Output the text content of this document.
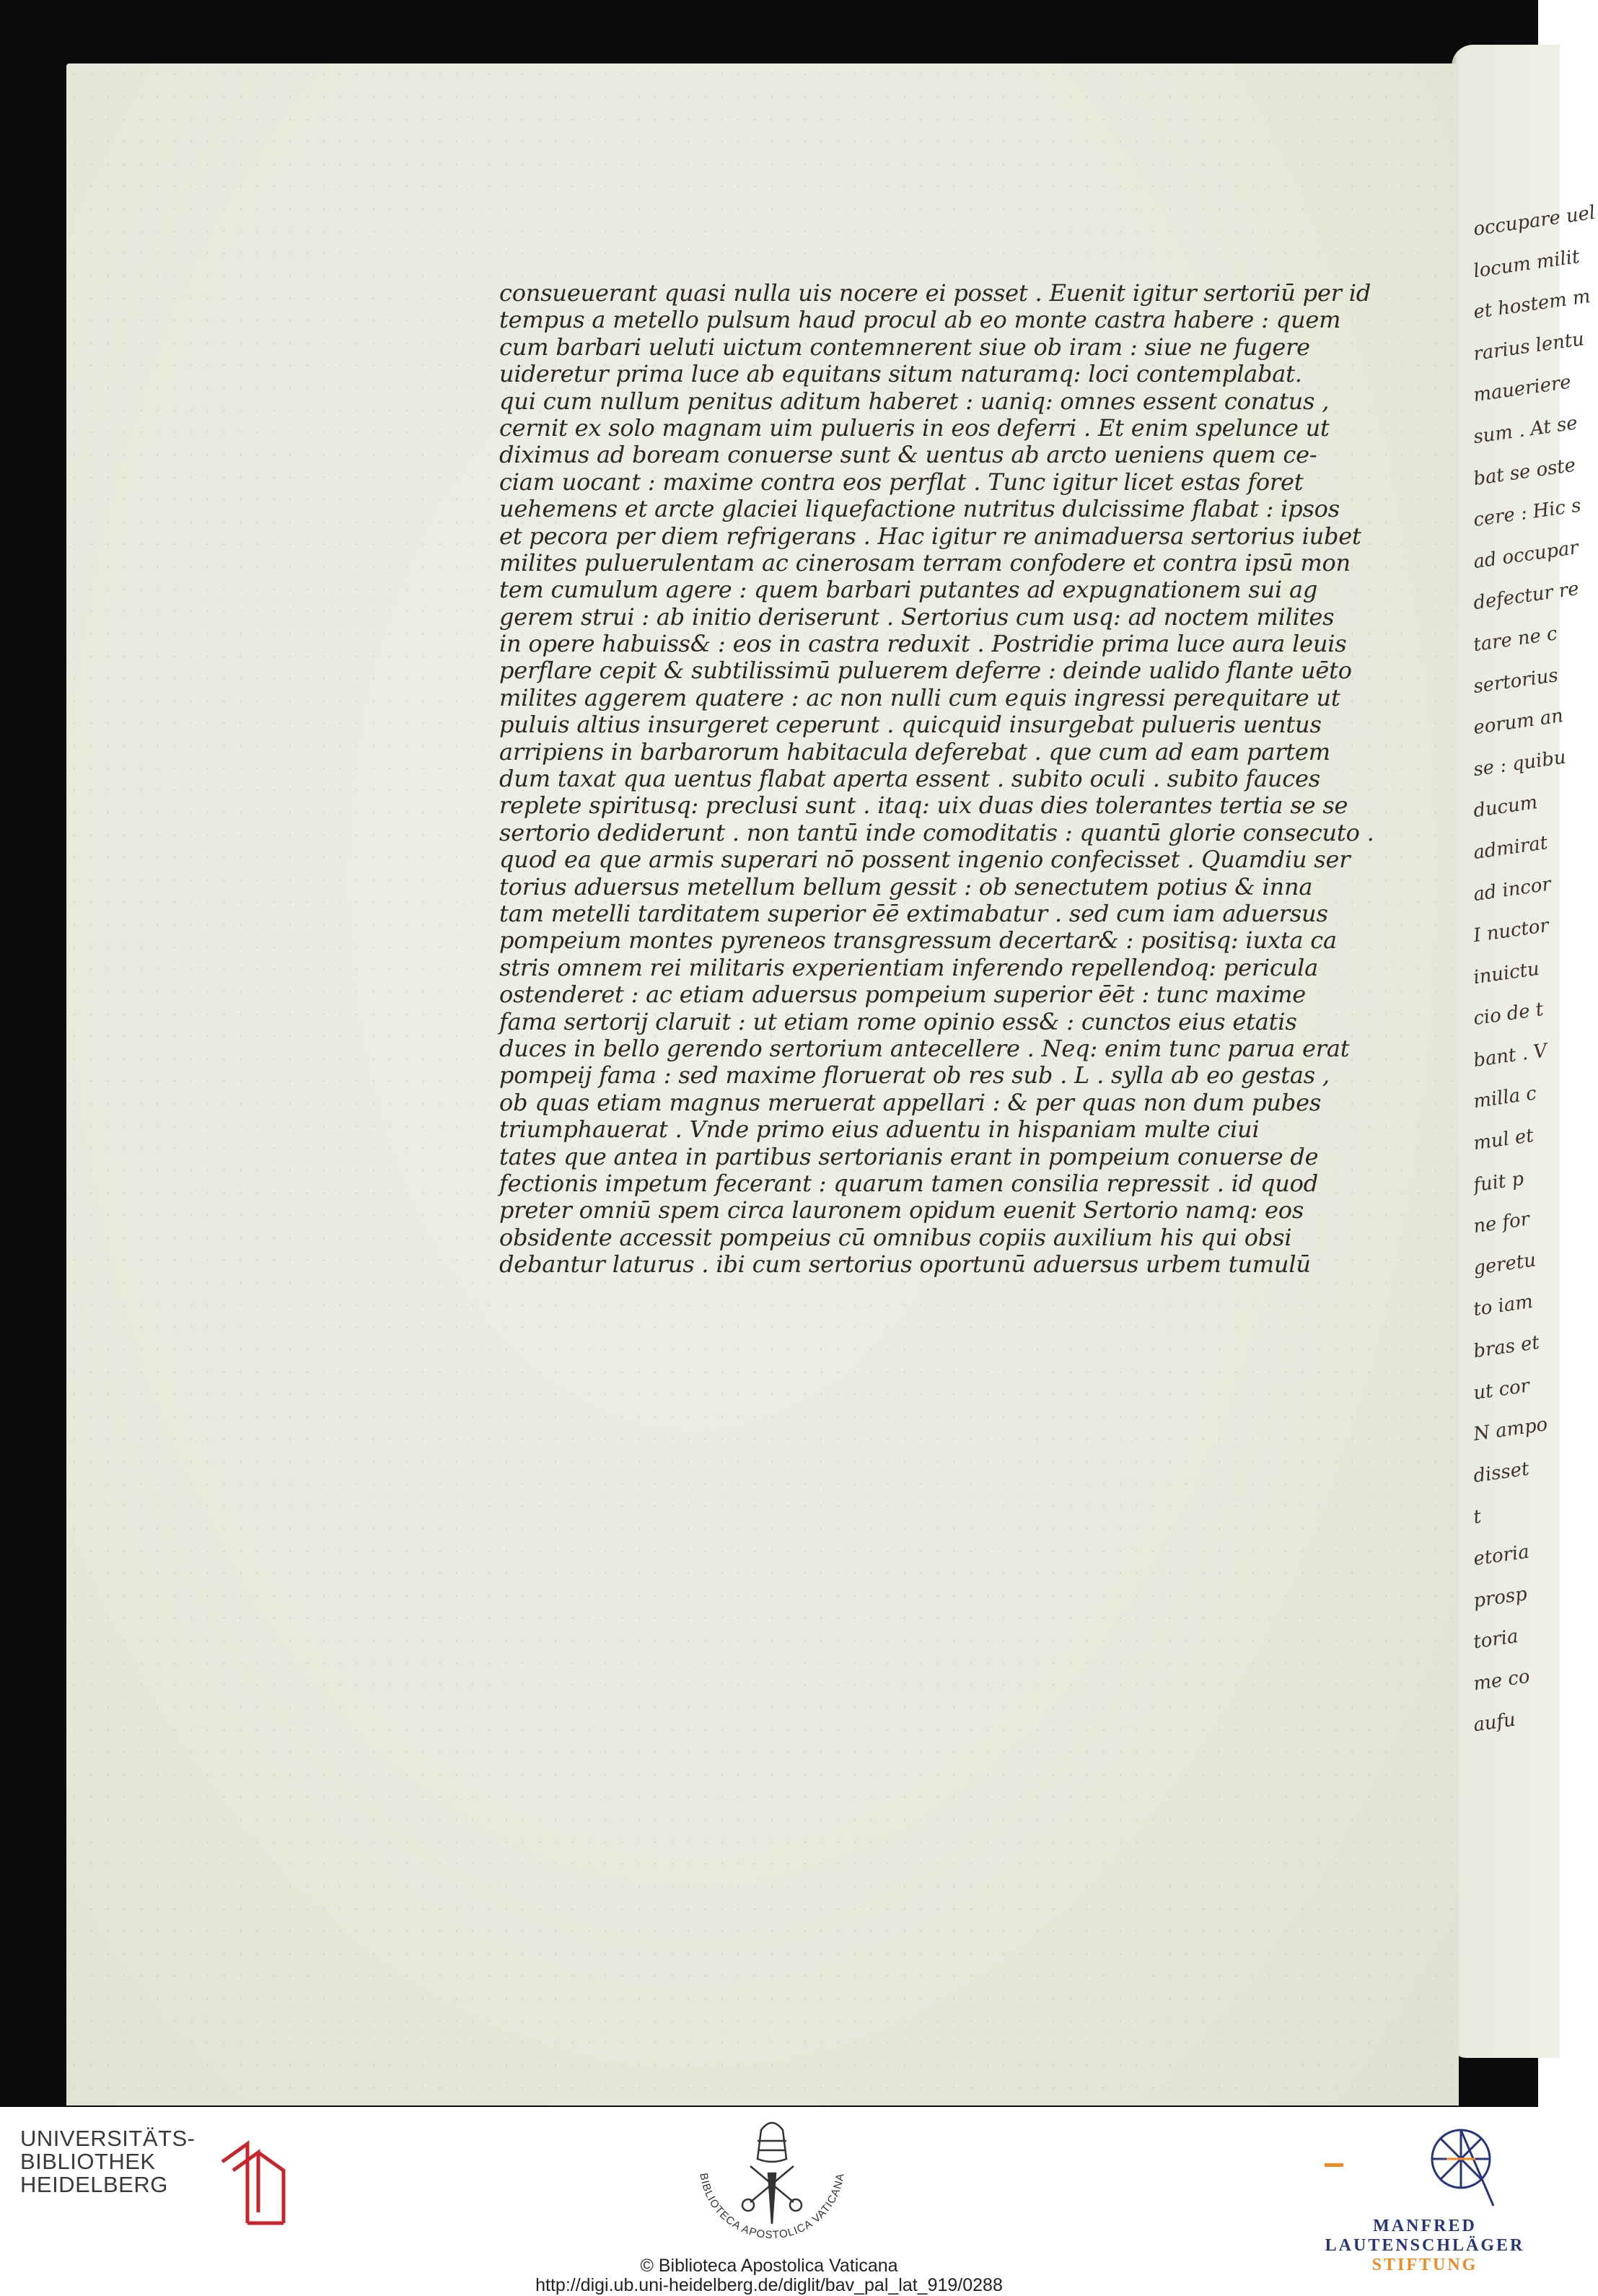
occupare uel
locum milit
et hostem m
rarius lentu
maueriere
sum . At se
bat se oste
cere : Hic s
ad occupar
defectur re
tare ne c
sertorius
eorum an
se : quibu
ducum
admirat
ad incor
I nuctor
inuictu
cio de t
bant . V
milla c
mul et
fuit p
ne for
geretu
to iam
bras et
ut cor
N ampo
disset
t
etoria
prosp
toria
me co
aufu
consueuerant quasi nulla uis nocere ei posset . Euenit igitur sertoriū per id
tempus a metello pulsum haud procul ab eo monte castra habere : quem
cum barbari ueluti uictum contemnerent siue ob iram : siue ne fugere
uideretur prima luce ab equitans situm naturamq: loci contemplabat.
qui cum nullum penitus aditum haberet : uaniq: omnes essent conatus ,
cernit ex solo magnam uim pulueris in eos deferri . Et enim spelunce ut
diximus ad boream conuerse sunt & uentus ab arcto ueniens quem ce-
ciam uocant : maxime contra eos perflat . Tunc igitur licet estas foret
uehemens et arcte glaciei liquefactione nutritus dulcissime flabat : ipsos
et pecora per diem refrigerans . Hac igitur re animaduersa sertorius iubet
milites puluerulentam ac cinerosam terram confodere et contra ipsū mon
tem cumulum agere : quem barbari putantes ad expugnationem sui ag
gerem strui : ab initio deriserunt . Sertorius cum usq: ad noctem milites
in opere habuiss& : eos in castra reduxit . Postridie prima luce aura leuis
perflare cepit & subtilissimū puluerem deferre : deinde ualido flante uēto
milites aggerem quatere : ac non nulli cum equis ingressi perequitare ut
puluis altius insurgeret ceperunt . quicquid insurgebat pulueris uentus
arripiens in barbarorum habitacula deferebat . que cum ad eam partem
dum taxat qua uentus flabat aperta essent . subito oculi . subito fauces
replete spiritusq: preclusi sunt . itaq: uix duas dies tolerantes tertia se se
sertorio dediderunt . non tantū inde comoditatis : quantū glorie consecuto .
quod ea que armis superari nō possent ingenio confecisset . Quamdiu ser
torius aduersus metellum bellum gessit : ob senectutem potius & inna
tam metelli tarditatem superior ēē extimabatur . sed cum iam aduersus
pompeium montes pyreneos transgressum decertar& : positisq: iuxta ca
stris omnem rei militaris experientiam inferendo repellendoq: pericula
ostenderet : ac etiam aduersus pompeium superior ēēt : tunc maxime
fama sertorij claruit : ut etiam rome opinio ess& : cunctos eius etatis
duces in bello gerendo sertorium antecellere . Neq: enim tunc parua erat
pompeij fama : sed maxime floruerat ob res sub . L . sylla ab eo gestas ,
ob quas etiam magnus meruerat appellari : & per quas non dum pubes
triumphauerat . Vnde primo eius aduentu in hispaniam multe ciui
tates que antea in partibus sertorianis erant in pompeium conuerse de
fectionis impetum fecerant : quarum tamen consilia repressit . id quod
preter omniū spem circa lauronem opidum euenit Sertorio namq: eos
obsidente accessit pompeius cū omnibus copiis auxilium his qui obsi
debantur laturus . ibi cum sertorius oportunū aduersus urbem tumulū
UNIVERSITÄTS-
BIBLIOTHEK
HEIDELBERG	BIBLIOTECA APOSTOLICA VATICANA
© Biblioteca Apostolica Vaticana
http://digi.ub.uni-heidelberg.de/diglit/bav_pal_lat_919/0288
MANFRED
LAUTENSCHLÄGER
STIFTUNG
